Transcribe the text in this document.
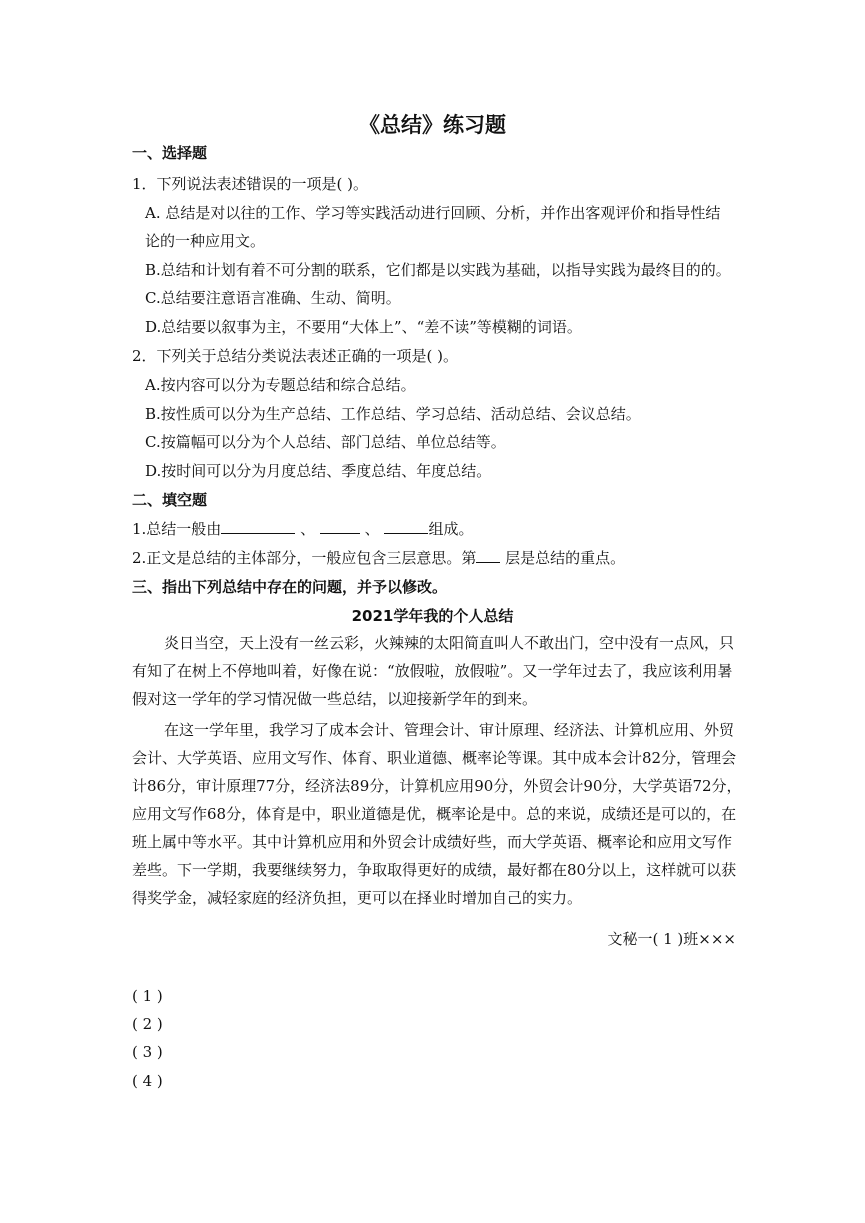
《总结》练习题
一、选择题
1．下列说法表述错误的一项是( )。
A. 总结是对以往的工作、学习等实践活动进行回顾、分析，并作出客观评价和指导性结
论的一种应用文。
B.总结和计划有着不可分割的联系，它们都是以实践为基础，以指导实践为最终目的的。
C.总结要注意语言准确、生动、简明。
D.总结要以叙事为主，不要用“大体上”、“差不读”等模糊的词语。
2．下列关于总结分类说法表述正确的一项是( )。
A.按内容可以分为专题总结和综合总结。
B.按性质可以分为生产总结、工作总结、学习总结、活动总结、会议总结。
C.按篇幅可以分为个人总结、部门总结、单位总结等。
D.按时间可以分为月度总结、季度总结、年度总结。
二、填空题
1.总结一般由	、	、	组成。
2.正文是总结的主体部分，一般应包含三层意思。第 层是总结的重点。
三、指出下列总结中存在的问题，并予以修改。
2021学年我的个人总结
炎日当空，天上没有一丝云彩，火辣辣的太阳简直叫人不敢出门，空中没有一点风，只有知了在树上不停地叫着，好像在说：“放假啦，放假啦”。又一学年过去了，我应该利用暑假对这一学年的学习情况做一些总结，以迎接新学年的到来。
在这一学年里，我学习了成本会计、管理会计、审计原理、经济法、计算机应用、外贸会计、大学英语、应用文写作、体育、职业道德、概率论等课。其中成本会计82分，管理会计86分，审计原理77分，经济法89分，计算机应用90分，外贸会计90分，大学英语72分，应用文写作68分，体育是中，职业道德是优，概率论是中。总的来说，成绩还是可以的，在班上属中等水平。其中计算机应用和外贸会计成绩好些，而大学英语、概率论和应用文写作差些。下一学期，我要继续努力，争取取得更好的成绩，最好都在80分以上，这样就可以获得奖学金，减轻家庭的经济负担，更可以在择业时增加自己的实力。
文秘一( 1 )班×××
( 1 )
( 2 )
( 3 )
( 4 )
